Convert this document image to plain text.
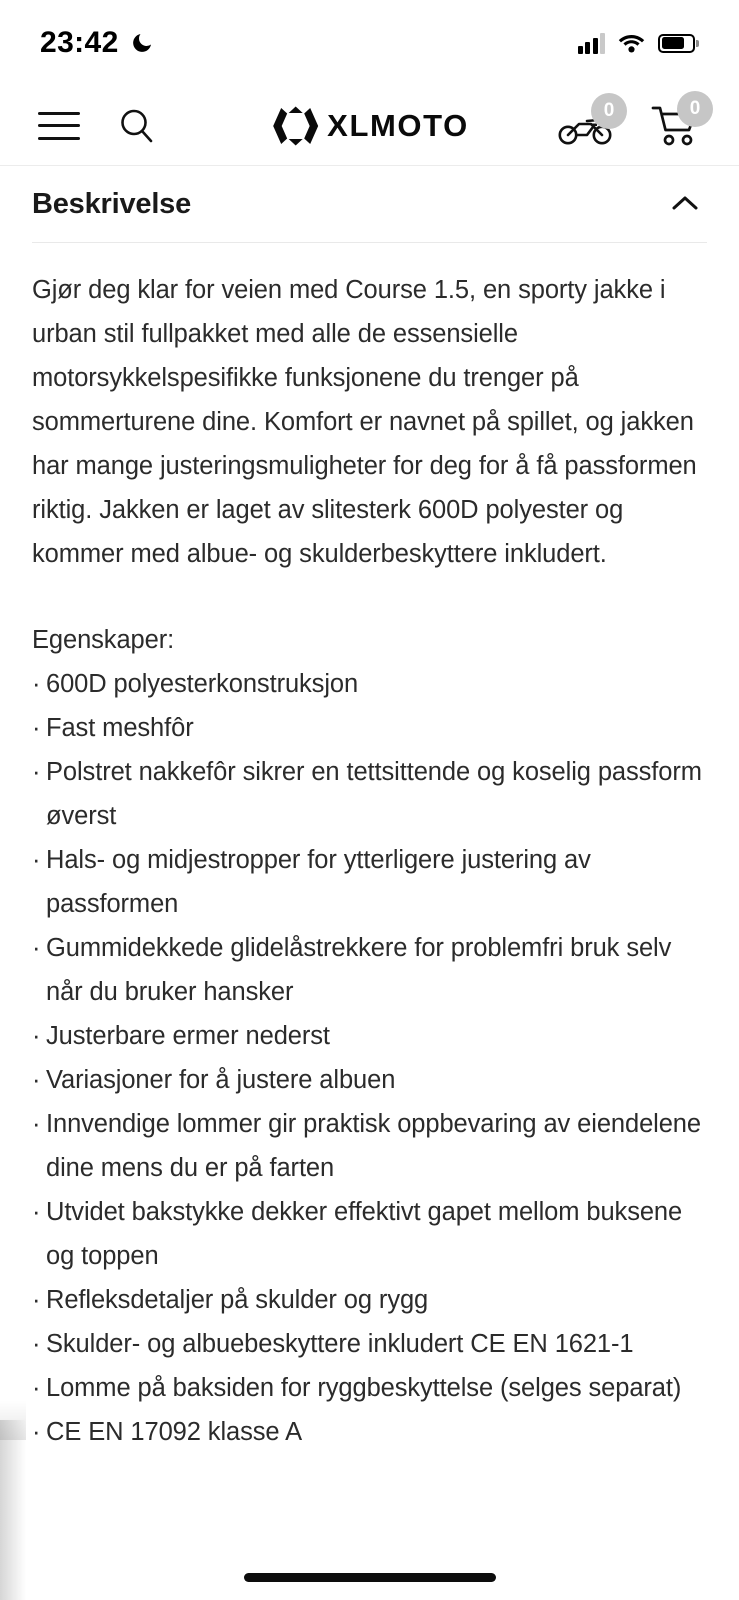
23:42
XLMOTO	0	0
Beskrivelse

Gjør deg klar for veien med Course 1.5, en sporty jakke i urban stil fullpakket med alle de essensielle motorsykkelspesifikke funksjonene du trenger på sommerturene dine. Komfort er navnet på spillet, og jakken har mange justeringsmuligheter for deg for å få passformen riktig. Jakken er laget av slitesterk 600D polyester og kommer med albue- og skulderbeskyttere inkludert.

Egenskaper:

· 600D polyesterkonstruksjon
· Fast meshfôr
· Polstret nakkefôr sikrer en tettsittende og koselig passform øverst
· Hals- og midjestropper for ytterligere justering av passformen
· Gummidekkede glidelåstrekkere for problemfri bruk selv når du bruker hansker
· Justerbare ermer nederst
· Variasjoner for å justere albuen
· Innvendige lommer gir praktisk oppbevaring av eiendelene dine mens du er på farten
· Utvidet bakstykke dekker effektivt gapet mellom buksene og toppen
· Refleksdetaljer på skulder og rygg
· Skulder- og albuebeskyttere inkludert CE EN 1621-1
· Lomme på baksiden for ryggbeskyttelse (selges separat)
· CE EN 17092 klasse A
